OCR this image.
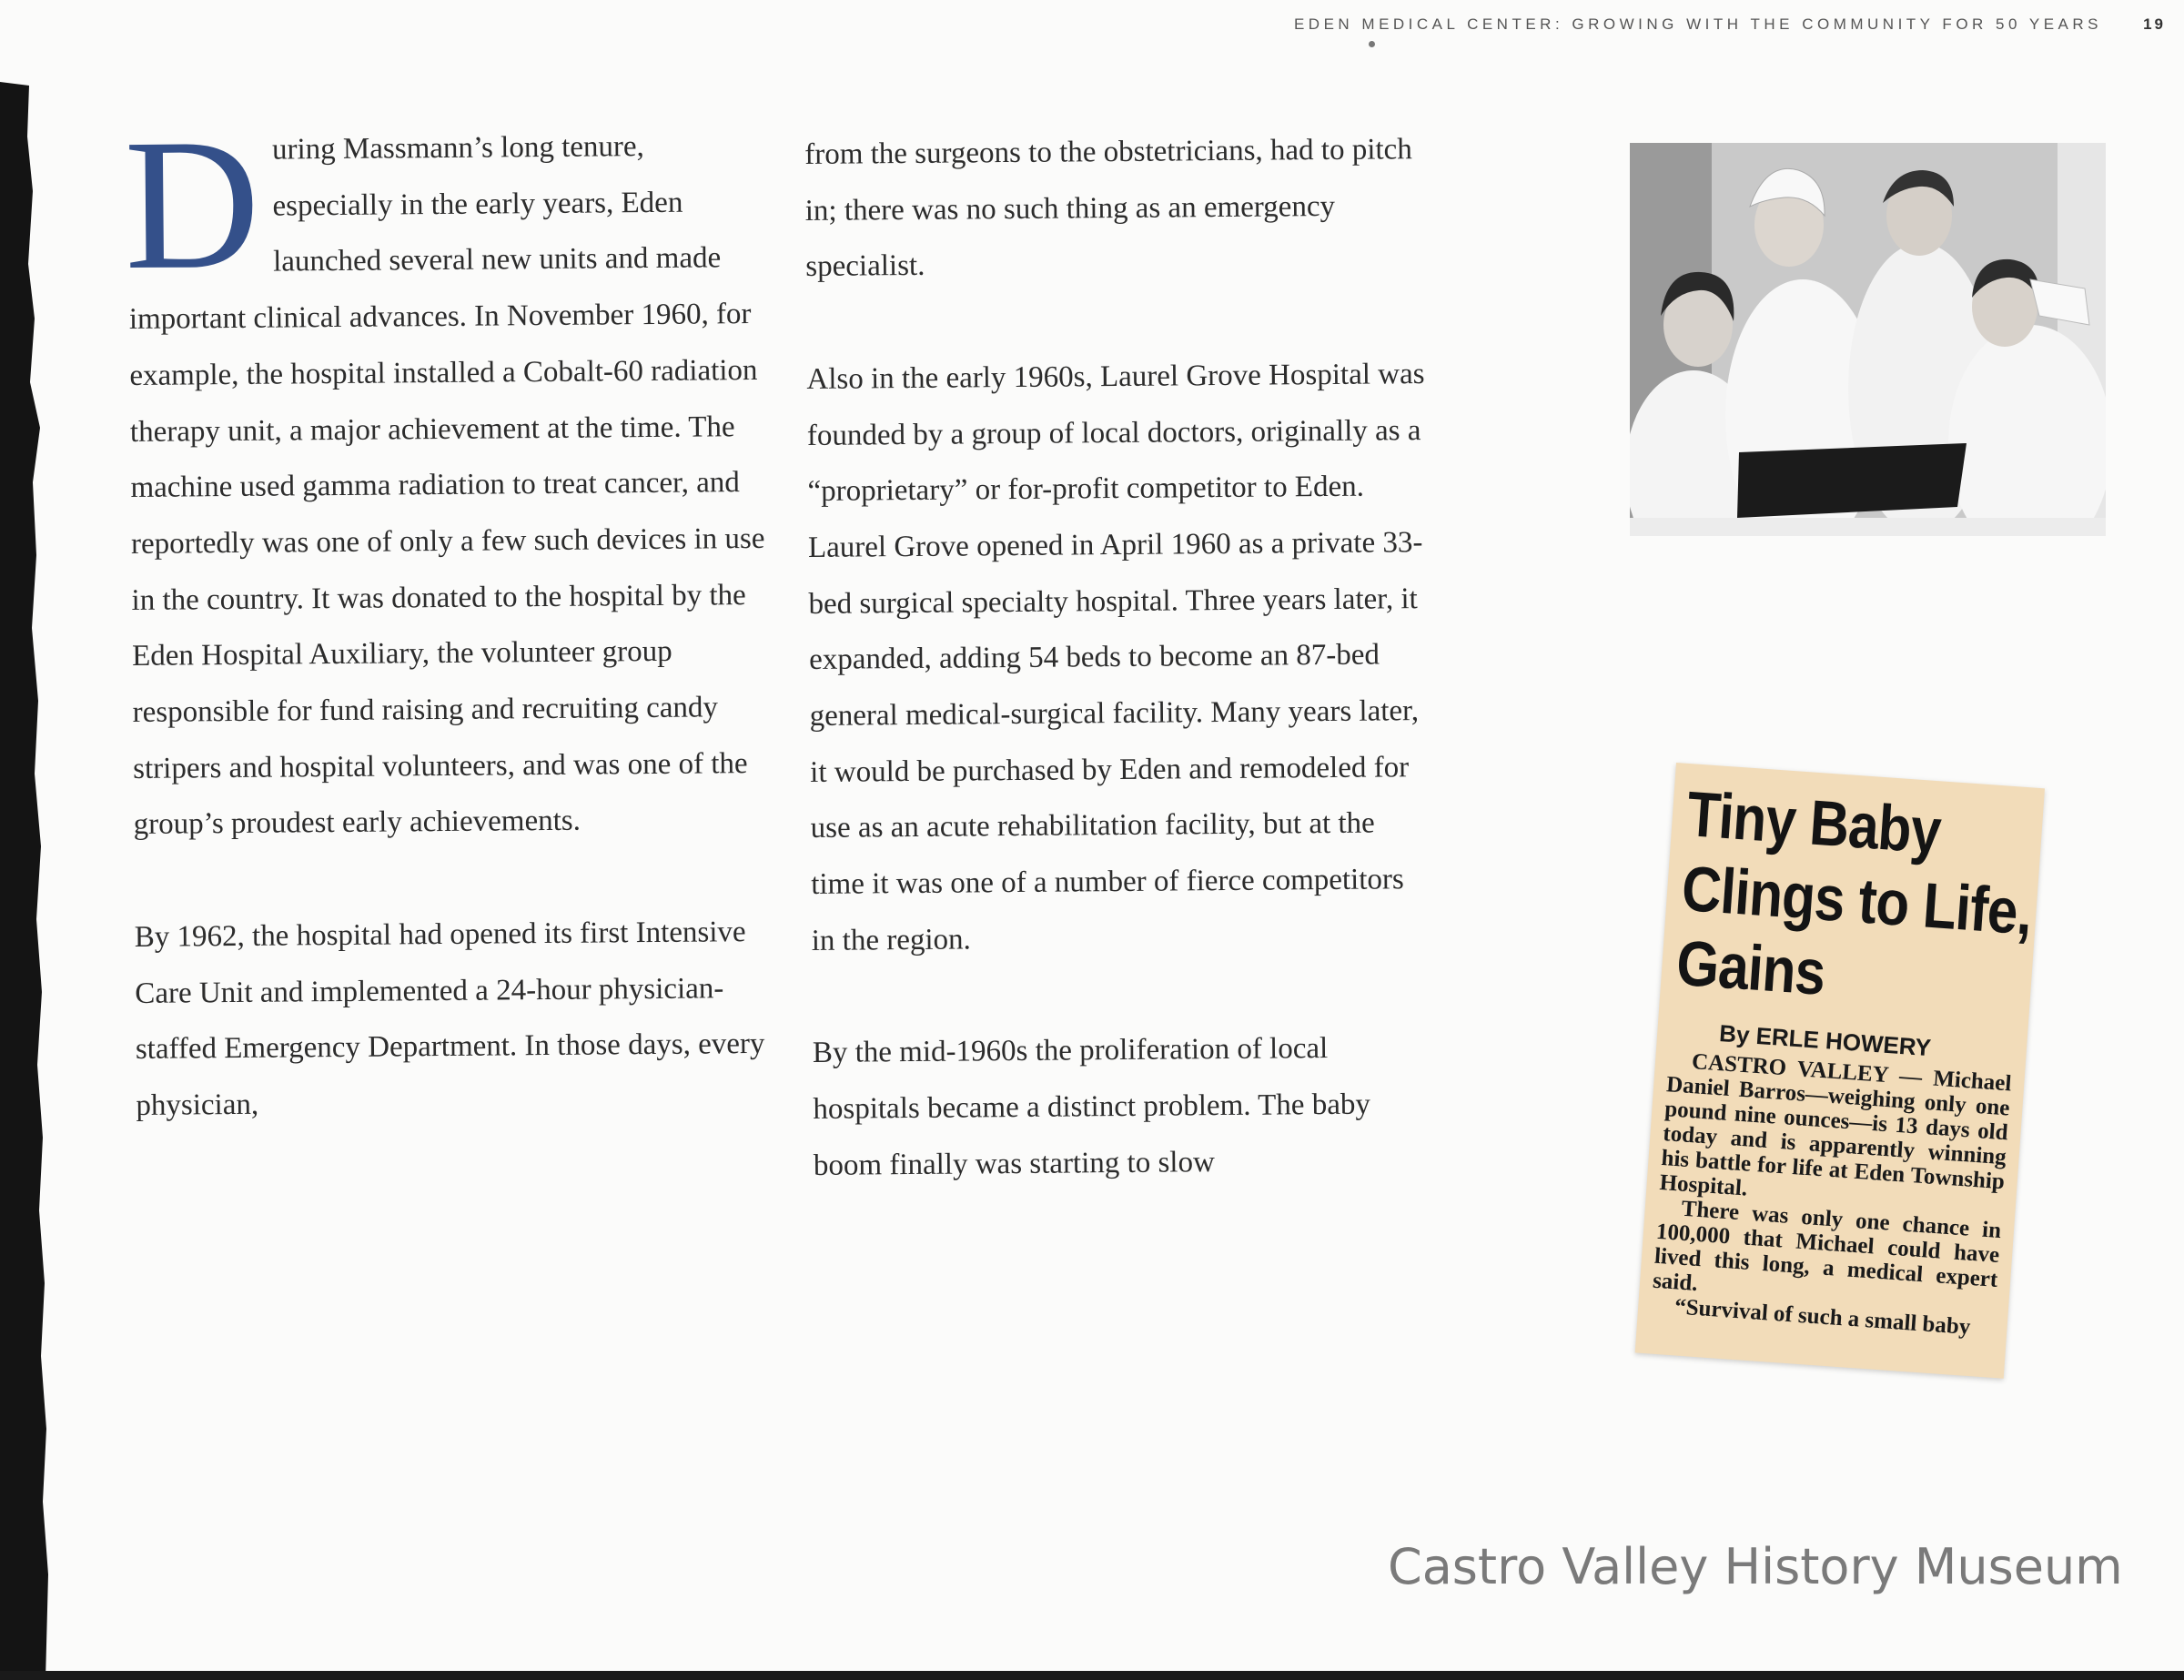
EDEN MEDICAL CENTER: GROWING WITH THE COMMUNITY FOR 50 YEARS	19

During Massmann’s long tenure, especially in the early years, Eden launched several new units and made important clinical advances. In November 1960, for example, the hospital installed a Cobalt-60 radiation therapy unit, a major achievement at the time. The machine used gamma radiation to treat cancer, and reportedly was one of only a few such devices in use in the country. It was donated to the hospital by the Eden Hospital Auxiliary, the volunteer group responsible for fund raising and recruiting candy stripers and hospital volunteers, and was one of the group’s proudest early achievements.

By 1962, the hospital had opened its first Intensive Care Unit and implemented a 24-hour physician-staffed Emergency Department. In those days, every physician,

from the surgeons to the obstetricians, had to pitch in; there was no such thing as an emergency specialist.

Also in the early 1960s, Laurel Grove Hospital was founded by a group of local doctors, originally as a “proprietary” or for-profit competitor to Eden. Laurel Grove opened in April 1960 as a private 33-bed surgical specialty hospital. Three years later, it expanded, adding 54 beds to become an 87-bed general medical-surgical facility. Many years later, it would be purchased by Eden and remodeled for use as an acute rehabilitation facility, but at the time it was one of a number of fierce competitors in the region.

By the mid-1960s the proliferation of local hospitals became a distinct problem. The baby boom finally was starting to slow

Tiny Baby Clings to Life, Gains
By ERLE HOWERY

CASTRO VALLEY — Michael Daniel Barros—weighing only one pound nine ounces—is 13 days old today and is apparently winning his battle for life at Eden Township Hospital.

There was only one chance in 100,000 that Michael could have lived this long, a medical expert said.

“Survival of such a small baby

Castro Valley History Museum
